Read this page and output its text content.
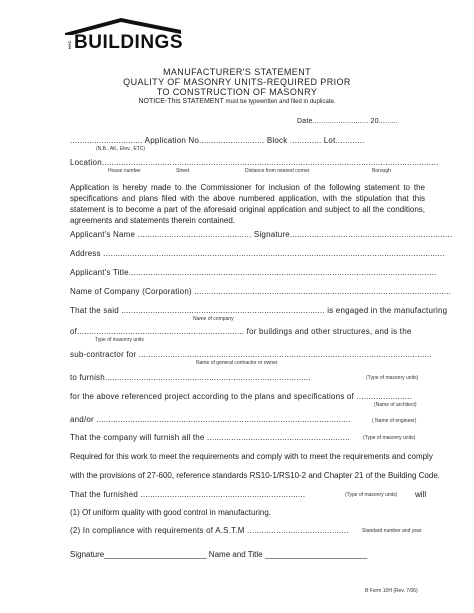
NYC BUILDINGS
MANUFACTURER'S STATEMENT
QUALITY OF MASONRY UNITS-REQUIRED PRIOR
TO CONSTRUCTION OF MASONRY
NOTICE-This STATEMENT must be typewritten and filed in duplicate.
Date.......................... 20.........
.............................. Application No........................... Block ............. Lot............
(N.B., Alt., Elev., ETC)
Location...........................................................................................................................................
House number	Street	Distance from nearest corner	Borough
Application is hereby made to the Commissioner for inclusion of the following statement to the specifications and plans filed with the above numbered application, with the stipulation that this statement is to become a part of the aforesaid original application and subject to all the conditions, agreements and statements therein contained.
Applicant's Name ............................................... Signature...................................................................
Address .............................................................................................................................................
Applicant's Title...............................................................................................................................
Name of Company (Corporation) ..........................................................................................................
That the said .................................................................................... is engaged in the manufacturing
Name of company
of..................................................................... for buildings and other structures, and is the
Type of masonry units
sub-contractor for .........................................................................................................................
Name of general contractor or owner
to furnish.....................................................................................	(Type of masonry units)
for the above referenced project according to the plans and specifications of .......................
(Name of architect)
and/or .........................................................................................................	( Name of engineer)
That the company will furnish all the ...........................................................	(Type of masonry units)
Required for this work to meet the requirements and comply with to meet the requirements and comply
with the provisions of 27-600, reference standards RS10-1/RS10-2 and Chapter 21 of the Building Code.
That the furnished ....................................................................	(Type of masonry units) will
(1) Of uniform quality with good control in manufacturing.
(2) In compliance with requirements of A.S.T.M ..........................................	Standard number and year
Signature_______________________ Name and Title _______________________
B Form 10H (Rev. 7/06)
